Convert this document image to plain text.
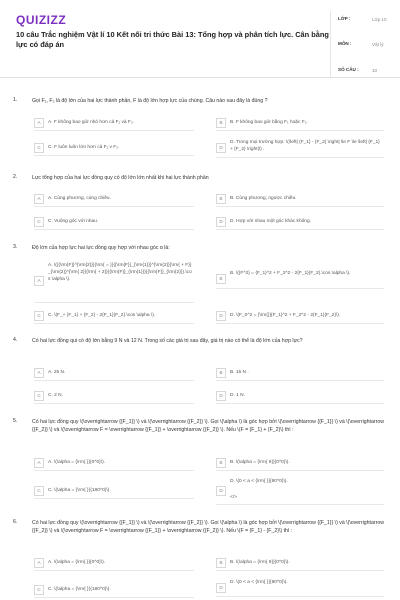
QUIZIZZ
10 câu Trắc nghiệm Vật lí 10 Kết nối tri thức Bài 13: Tổng hợp và phân tích lực. Cân bằng lực có đáp án
LỚP :	Lớp 10
MÔN :	Vật lý
SỐ CÂU :	10
1.	Gọi F₁, F₂ là độ lớn của hai lực thành phần, F là độ lớn hợp lực của chúng. Câu nào sau đây là đúng ?
A	A. F không bao giờ nhỏ hơn cả F₁ và F₂.	B	B. F không bao giờ bằng F₁ hoặc F₂.
C	C. F luôn luôn lớn hơn cả F₁ v F₂.	D
D. Trong mọi trường hợp: \(\left| {F_1} - {F_2} \right| \le F \le \left| {F_1} + {F_2} \right|\) .
2.	Lực tổng hợp của hai lực đồng quy có độ lớn lớn nhất khi hai lực thành phần
A	A. Cùng phương, cùng chiều.	B	B. Cùng phương, ngược chiều.
C	C. Vuông góc với nhau.	D	D. Hợp với nhau một góc khác không.
3.	Độ lớn của hợp lực hai lực đồng quy hợp với nhau góc α là:
A
A. \({{\rm{F}}^{\rm{2}}}{\rm{ = }}{{\rm{F}}_{\rm{1}}}^{\rm{2}}{\rm{ + F}}_{\rm{2}}^{\rm{ 2}}{\rm{ + 2}}{{\rm{F}}_{\rm{1}}}{{\rm{F}}_{\rm{2}}}.\cos \alpha \).	B
B. \({F^2} = {F_1}^2 + F_2^2 - 2{F_1}{F_2}.\cos \alpha \).
C	C. \(F_+ {F_1} + {F_2} - 2{F_1}{F_2}.\cos \alpha \).	D	D. \(F_0^2 = {\rm{}}{F_1}^2 + F_2^2 - 2{F_1}{F_2}\).
4.	Có hai lực đồng qui có độ lớn bằng 9 N và 12 N. Trong số các giá trị sau đây, giá trị nào có thể là độ lớn của hợp lực?
A	A. 25 N.	B	B. 15 N .
C	C. 2 N.	D	D. 1 N.
5.	Có hai lực đồng quy \(\overrightarrow {{F_1}} \) và \(\overrightarrow {{F_2}} \). Gọi \(\alpha \) là góc hợp bởi \(\overrightarrow {{F_1}} \) và \(\overrightarrow {{F_2}} \) và \(\overrightarrow F = \overrightarrow {{F_1}} + \overrightarrow {{F_2}} \). Nếu \(F = {F_1} + {F_2}\) thì :
A	A. \(\alpha = {\rm{ }}{0^0}\).	B	B. \(\alpha = {\rm{ 9}}{0^0}\).
C	C. \(\alpha = {\rm{ }}{180^0}\).	D
D. \(0 < a < {\rm{ }}{90^0}\).
</>
6.	Có hai lực đồng quy \(\overrightarrow {{F_1}} \) và \(\overrightarrow {{F_2}} \). Gọi \(\alpha \) là góc hợp bởi \(\overrightarrow {{F_1}} \) và \(\overrightarrow {{F_2}} \) và \(\overrightarrow F = \overrightarrow {{F_1}} + \overrightarrow {{F_2}} \). Nếu \(F = {F_1} - {F_2}\) thì :
A	A. \(\alpha = {\rm{ }}{0^0}\).	B	B. \(\alpha = {\rm{ 9}}{0^0}\).
C	C. \(\alpha = {\rm{ }}{180^0}\).	D
D. \(0 < a < {\rm{ }}{90^0}\).
